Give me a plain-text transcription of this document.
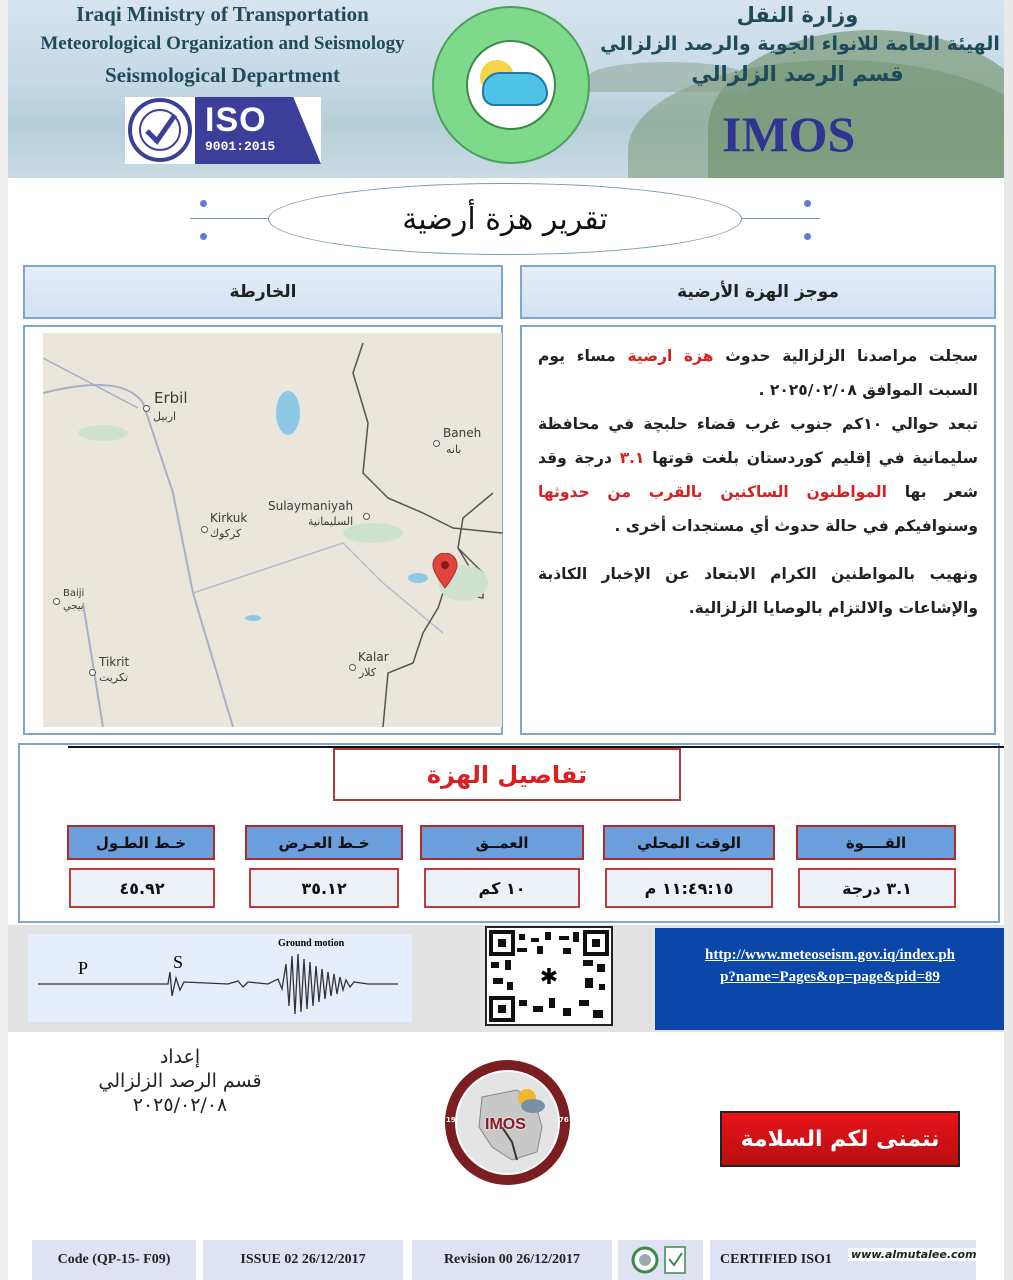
Iraqi Ministry of Transportation
Meteorological Organization and Seismology
Seismological Department
ISO
9001:2015
وزارة النقل
الهيئة العامة للانواء الجوية والرصد الزلزالي
قسم الرصد الزلزالي
IMOS
تقرير هزة أرضية
الخارطة	موجز الهزة الأرضية
Erbil
اربيل
Baneh
بانه
Sulaymaniyah
السليمانية
Kirkuk
كركوك
Baiji
بيجي
Tikrit
تكريت
Kalar
كلار

سجلت مراصدنا الزلزالية حدوث هزة ارضية مساء يوم السبت الموافق ٢٠٢٥/٠٢/٠٨ .

تبعد حوالي ١٠كم جنوب غرب قضاء حلبچة في محافظة سليمانية في إقليم كوردستان بلغت قوتها ٣.١ درجة وقد شعر بها المواطنون الساكنين بالقرب من حدوثها وسنوافيكم في حالة حدوث أي مستجدات أخرى .

ونهيب بالمواطنين الكرام الابتعاد عن الإخبار الكاذبة والإشاعات والالتزام بالوصايا الزلزالية.

تفاصيل الهزة
القــــوة
٣.١ درجة
الوقت المحلي
١١:٤٩:١٥ م
العمــق
١٠ كم
خـط العـرض
٣٥.١٢
خـط الطـول
٤٥.٩٢
P	S
Ground motion
✱
http://www.meteoseism.gov.iq/index.ph
p?name=Pages&op=page&pid=89
إعداد
قسم الرصد الزلزالي
٢٠٢٥/٠٢/٠٨
IMOS
19	76
نتمنى لكم السلامة
Code (QP-15- F09)	ISSUE 02 26/12/2017	Revision 00 26/12/2017	CERTIFIED ISO1	www.almutalee.com
